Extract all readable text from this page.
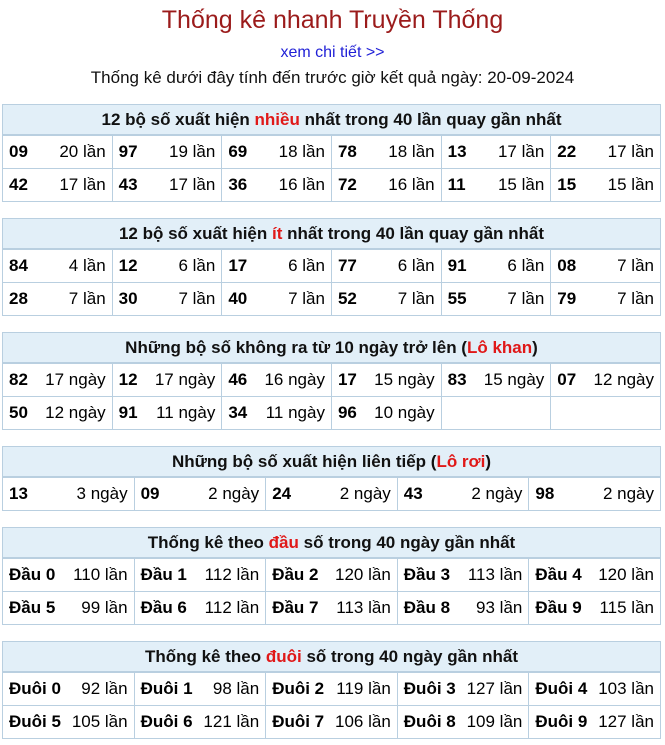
Thống kê nhanh Truyền Thống
xem chi tiết >>
Thống kê dưới đây tính đến trước giờ kết quả ngày: 20-09-2024
12 bộ số xuất hiện nhiều nhất trong 40 lần quay gần nhất
09 20 lần	97 19 lần	69 18 lần	78 18 lần	13 17 lần	22 17 lần

42 17 lần	43 17 lần	36 16 lần	72 16 lần	11 15 lần	15 15 lần
12 bộ số xuất hiện ít nhất trong 40 lần quay gần nhất
84 4 lần	12 6 lần	17 6 lần	77 6 lần	91 6 lần	08 7 lần

28 7 lần	30 7 lần	40 7 lần	52 7 lần	55 7 lần	79 7 lần
Những bộ số không ra từ 10 ngày trở lên (Lô khan)
82 17 ngày	12 17 ngày	46 16 ngày	17 15 ngày	83 15 ngày	07 12 ngày

50 12 ngày	91 11 ngày	34 11 ngày	96 10 ngày		

Những bộ số xuất hiện liên tiếp (Lô rơi)
13	3 ngày	09	2 ngày	24	2 ngày	43	2 ngày	98	2 ngày
Thống kê theo đầu số trong 40 ngày gần nhất
Đầu 0 110 lần	Đầu 1 112 lần	Đầu 2 120 lần	Đầu 3 113 lần	Đầu 4 120 lần

Đầu 5 99 lần	Đầu 6 112 lần	Đầu 7 113 lần	Đầu 8 93 lần	Đầu 9 115 lần
Thống kê theo đuôi số trong 40 ngày gần nhất
Đuôi 0 92 lần	Đuôi 1 98 lần	Đuôi 2 119 lần	Đuôi 3 127 lần	Đuôi 4 103 lần

Đuôi 5 105 lần	Đuôi 6 121 lần	Đuôi 7 106 lần	Đuôi 8 109 lần	Đuôi 9 127 lần
